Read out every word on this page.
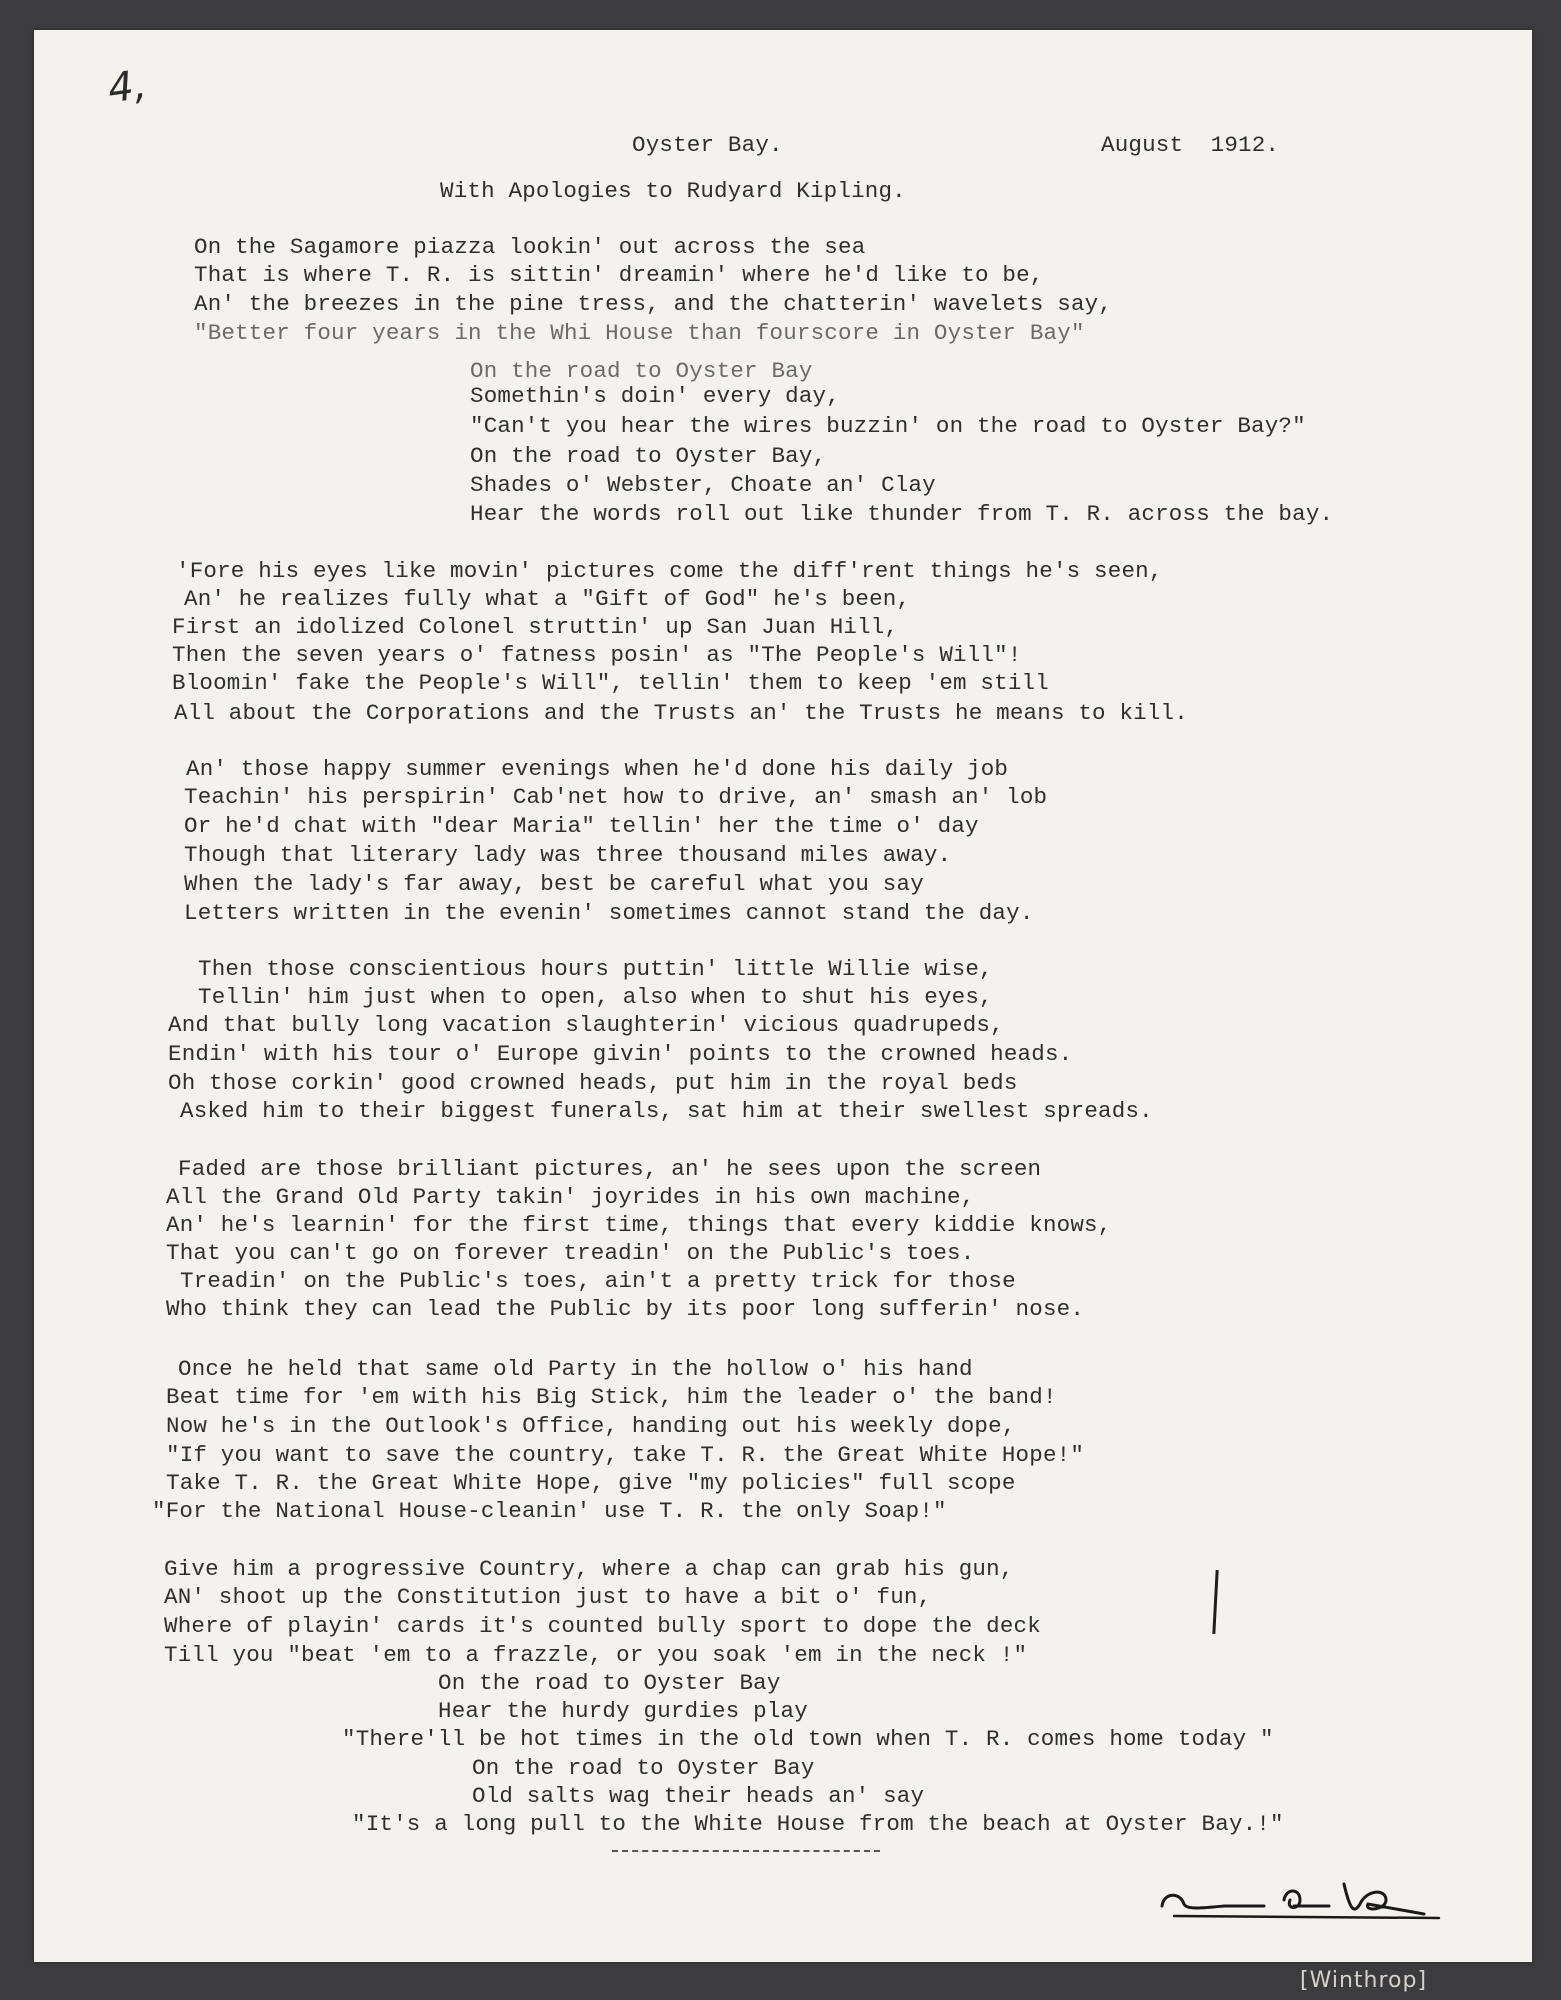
4,
Oyster Bay.	August  1912.
With Apologies to Rudyard Kipling.
On the Sagamore piazza lookin' out across the sea
That is where T. R. is sittin' dreamin' where he'd like to be,
An' the breezes in the pine tress, and the chatterin' wavelets say,
"Better four years in the Whi House than fourscore in Oyster Bay"
On the road to Oyster Bay
Somethin's doin' every day,
"Can't you hear the wires buzzin' on the road to Oyster Bay?"
On the road to Oyster Bay,
Shades o' Webster, Choate an' Clay
Hear the words roll out like thunder from T. R. across the bay.
'Fore his eyes like movin' pictures come the diff'rent things he's seen,
An' he realizes fully what a "Gift of God" he's been,
First an idolized Colonel struttin' up San Juan Hill,
Then the seven years o' fatness posin' as "The People's Will"!
Bloomin' fake the People's Will", tellin' them to keep 'em still
All about the Corporations and the Trusts an' the Trusts he means to kill.
An' those happy summer evenings when he'd done his daily job
Teachin' his perspirin' Cab'net how to drive, an' smash an' lob
Or he'd chat with "dear Maria" tellin' her the time o' day
Though that literary lady was three thousand miles away.
When the lady's far away, best be careful what you say
Letters written in the evenin' sometimes cannot stand the day.
Then those conscientious hours puttin' little Willie wise,
Tellin' him just when to open, also when to shut his eyes,
And that bully long vacation slaughterin' vicious quadrupeds,
Endin' with his tour o' Europe givin' points to the crowned heads.
Oh those corkin' good crowned heads, put him in the royal beds
Asked him to their biggest funerals, sat him at their swellest spreads.
Faded are those brilliant pictures, an' he sees upon the screen
All the Grand Old Party takin' joyrides in his own machine,
An' he's learnin' for the first time, things that every kiddie knows,
That you can't go on forever treadin' on the Public's toes.
Treadin' on the Public's toes, ain't a pretty trick for those
Who think they can lead the Public by its poor long sufferin' nose.
Once he held that same old Party in the hollow o' his hand
Beat time for 'em with his Big Stick, him the leader o' the band!
Now he's in the Outlook's Office, handing out his weekly dope,
"If you want to save the country, take T. R. the Great White Hope!"
Take T. R. the Great White Hope, give "my policies" full scope
"For the National House-cleanin' use T. R. the only Soap!"
Give him a progressive Country, where a chap can grab his gun,
AN' shoot up the Constitution just to have a bit o' fun,
Where of playin' cards it's counted bully sport to dope the deck
Till you "beat 'em to a frazzle, or you soak 'em in the neck !"
On the road to Oyster Bay
Hear the hurdy gurdies play
"There'll be hot times in the old town when T. R. comes home today "
On the road to Oyster Bay
Old salts wag their heads an' say
"It's a long pull to the White House from the beach at Oyster Bay.!"
[Winthrop]
